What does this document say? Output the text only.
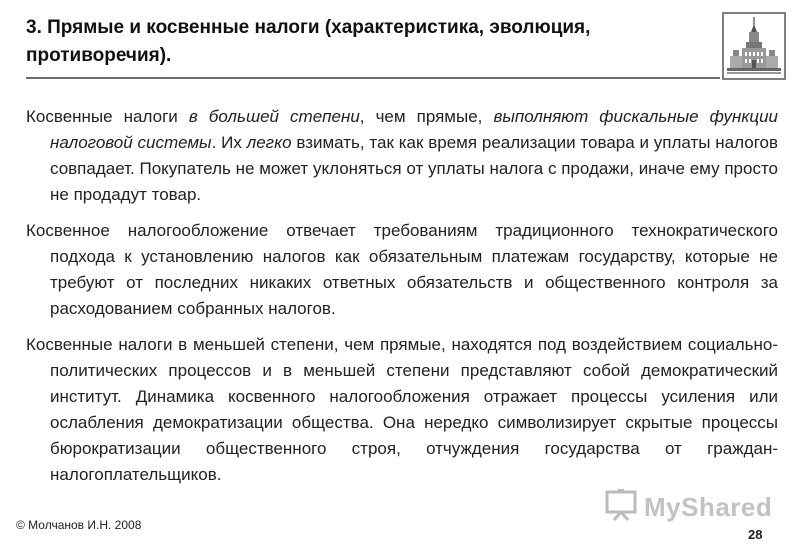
3. Прямые и косвенные налоги (характеристика, эволюция, противоречия).

Косвенные налоги в большей степени, чем прямые, выполняют фискальные функции налоговой системы. Их легко взимать, так как время реализации товара и уплаты налогов совпадает. Покупатель не может уклоняться от уплаты налога с продажи, иначе ему просто не продадут товар.

Косвенное налогообложение отвечает требованиям традиционного технократического подхода к установлению налогов как обязательным платежам государству, которые не требуют от последних никаких ответных обязательств и общественного контроля за расходованием собранных налогов.

Косвенные налоги в меньшей степени, чем прямые, находятся под воздействием социально-политических процессов и в меньшей степени представляют собой демократический институт. Динамика косвенного налогообложения отражает процессы усиления или ослабления демократизации общества. Она нередко символизирует скрытые процессы бюрократизации общественного строя, отчуждения государства от граждан-налогоплательщиков.

MyShared
© Молчанов И.Н. 2008
28
